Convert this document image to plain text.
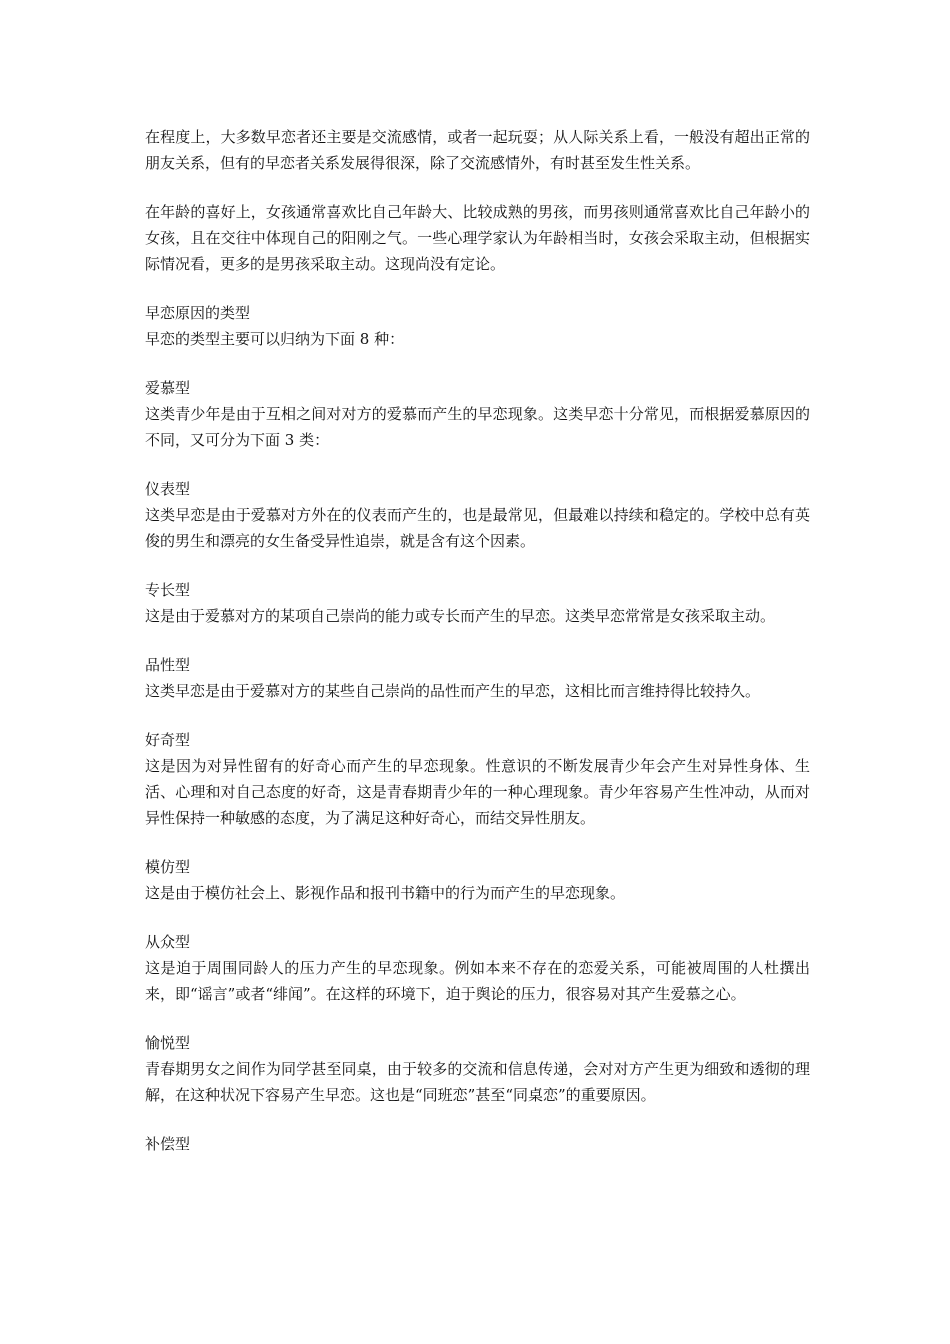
在程度上，大多数早恋者还主要是交流感情，或者一起玩耍；从人际关系上看，一般没有超出正常的朋友关系，但有的早恋者关系发展得很深，除了交流感情外，有时甚至发生性关系。

在年龄的喜好上，女孩通常喜欢比自己年龄大、比较成熟的男孩，而男孩则通常喜欢比自己年龄小的女孩，且在交往中体现自己的阳刚之气。一些心理学家认为年龄相当时，女孩会采取主动，但根据实际情况看，更多的是男孩采取主动。这现尚没有定论。

早恋原因的类型

早恋的类型主要可以归纳为下面 8 种：

爱慕型

这类青少年是由于互相之间对对方的爱慕而产生的早恋现象。这类早恋十分常见，而根据爱慕原因的不同，又可分为下面 3 类：

仪表型

这类早恋是由于爱慕对方外在的仪表而产生的，也是最常见，但最难以持续和稳定的。学校中总有英俊的男生和漂亮的女生备受异性追崇，就是含有这个因素。

专长型

这是由于爱慕对方的某项自己崇尚的能力或专长而产生的早恋。这类早恋常常是女孩采取主动。

品性型

这类早恋是由于爱慕对方的某些自己崇尚的品性而产生的早恋，这相比而言维持得比较持久。

好奇型

这是因为对异性留有的好奇心而产生的早恋现象。性意识的不断发展青少年会产生对异性身体、生活、心理和对自己态度的好奇，这是青春期青少年的一种心理现象。青少年容易产生性冲动，从而对异性保持一种敏感的态度，为了满足这种好奇心，而结交异性朋友。

模仿型

这是由于模仿社会上、影视作品和报刊书籍中的行为而产生的早恋现象。

从众型

这是迫于周围同龄人的压力产生的早恋现象。例如本来不存在的恋爱关系，可能被周围的人杜撰出来，即“谣言”或者“绯闻”。在这样的环境下，迫于舆论的压力，很容易对其产生爱慕之心。

愉悦型

青春期男女之间作为同学甚至同桌，由于较多的交流和信息传递，会对对方产生更为细致和透彻的理解，在这种状况下容易产生早恋。这也是“同班恋”甚至“同桌恋”的重要原因。

补偿型
